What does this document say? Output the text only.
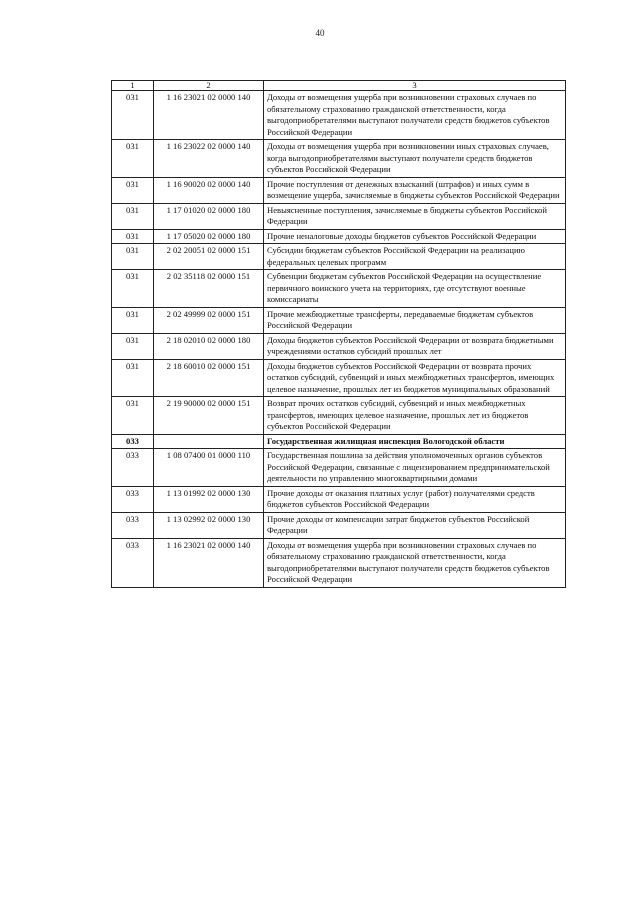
40
1	2	3
031	1 16 23021 02 0000 140	Доходы от возмещения ущерба при возникновении страховых случаев по обязательному страхованию гражданской ответственности, когда выгодоприобретателями выступают получатели средств бюджетов субъектов Российской Федерации
031	1 16 23022 02 0000 140	Доходы от возмещения ущерба при возникновении иных страховых случаев, когда выгодоприобретателями выступают получатели средств бюджетов субъектов Российской Федерации
031	1 16 90020 02 0000 140	Прочие поступления от денежных взысканий (штрафов) и иных сумм в возмещение ущерба, зачисляемые в бюджеты субъектов Российской Федерации
031	1 17 01020 02 0000 180	Невыясненные поступления, зачисляемые в бюджеты субъектов Российской Федерации
031	1 17 05020 02 0000 180	Прочие неналоговые доходы бюджетов субъектов Российской Федерации
031	2 02 20051 02 0000 151	Субсидии бюджетам субъектов Российской Федерации на реализацию федеральных целевых программ
031	2 02 35118 02 0000 151	Субвенции бюджетам субъектов Российской Федерации на осуществление первичного воинского учета на территориях, где отсутствуют военные комиссариаты
031	2 02 49999 02 0000 151	Прочие межбюджетные трансферты, передаваемые бюджетам субъектов Российской Федерации
031	2 18 02010 02 0000 180	Доходы бюджетов субъектов Российской Федерации от возврата бюджетными учреждениями остатков субсидий прошлых лет
031	2 18 60010 02 0000 151	Доходы бюджетов субъектов Российской Федерации от возврата прочих остатков субсидий, субвенций и иных межбюджетных трансфертов, имеющих целевое назначение, прошлых лет из бюджетов муниципальных образований
031	2 19 90000 02 0000 151	Возврат прочих остатков субсидий, субвенций и иных межбюджетных трансфертов, имеющих целевое назначение, прошлых лет из бюджетов субъектов Российской Федерации
033		Государственная жилищная инспекция Вологодской области
033	1 08 07400 01 0000 110	Государственная пошлина за действия уполномоченных органов субъектов Российской Федерации, связанные с лицензированием предпринимательской деятельности по управлению многоквартирными домами
033	1 13 01992 02 0000 130	Прочие доходы от оказания платных услуг (работ) получателями средств бюджетов субъектов Российской Федерации
033	1 13 02992 02 0000 130	Прочие доходы от компенсации затрат бюджетов субъектов Российской Федерации
033	1 16 23021 02 0000 140	Доходы от возмещения ущерба при возникновении страховых случаев по обязательному страхованию гражданской ответственности, когда выгодоприобретателями выступают получатели средств бюджетов субъектов Российской Федерации
